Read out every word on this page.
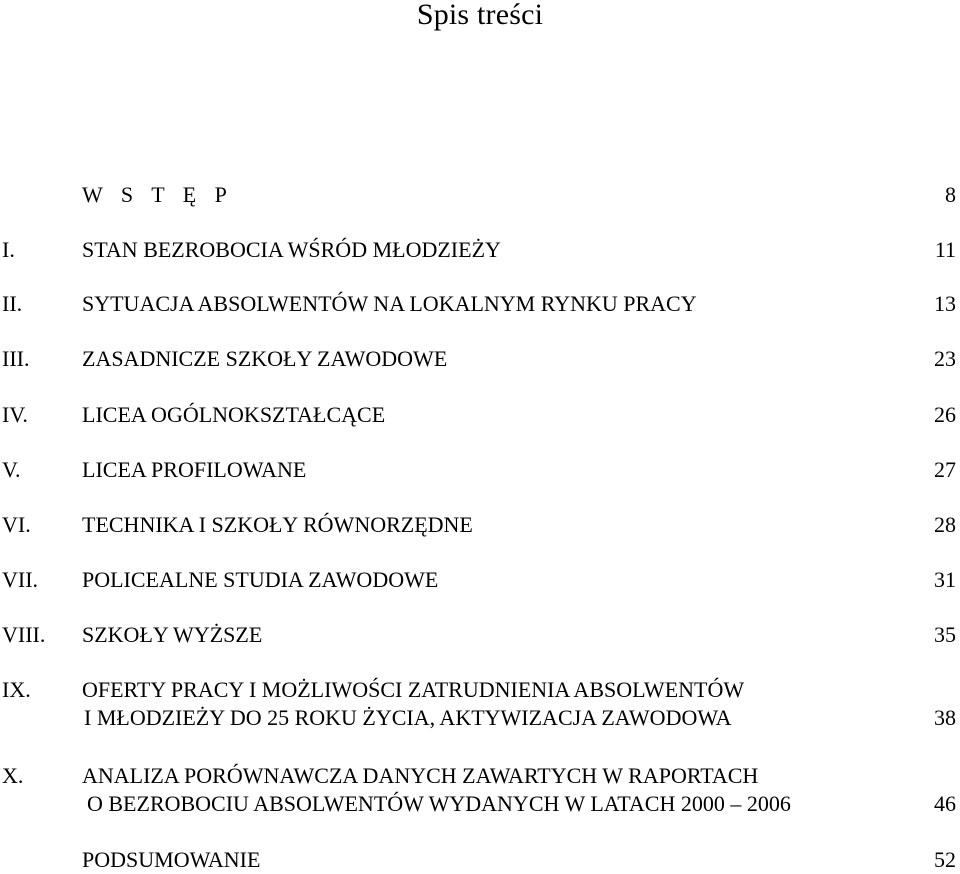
Spis treści
W S T Ę P	8
I.	STAN BEZROBOCIA WŚRÓD MŁODZIEŻY	11
II.	SYTUACJA ABSOLWENTÓW NA LOKALNYM RYNKU PRACY	13
III. ZASADNICZE SZKOŁY ZAWODOWE	23
IV. LICEA OGÓLNOKSZTAŁCĄCE	26
V.	LICEA PROFILOWANE	27
VI. TECHNIKA I SZKOŁY RÓWNORZĘDNE	28
VII. POLICEALNE STUDIA ZAWODOWE	31
VIII. SZKOŁY WYŻSZE	35
IX. OFERTY PRACY I MOŻLIWOŚCI ZATRUDNIENIA ABSOLWENTÓW
I MŁODZIEŻY DO 25 ROKU ŻYCIA, AKTYWIZACJA ZAWODOWA	38
X.	ANALIZA PORÓWNAWCZA DANYCH ZAWARTYCH W RAPORTACH
O BEZROBOCIU ABSOLWENTÓW WYDANYCH W LATACH 2000 – 2006	46
PODSUMOWANIE	52
